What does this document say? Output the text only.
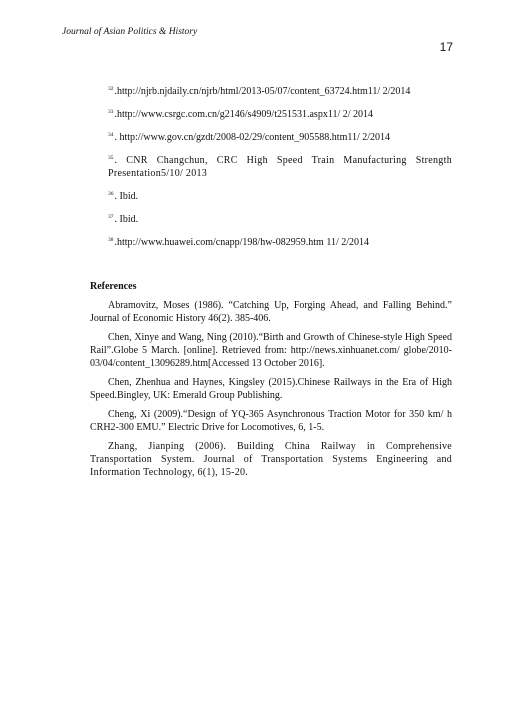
Journal of Asian Politics & History
17
$^{32}$.http://njrb.njdaily.cn/njrb/html/2013-05/07/content_63724.htm11/ 2/2014
$^{33}$.http://www.csrgc.com.cn/g2146/s4909/t251531.aspx11/ 2/ 2014
$^{34}$. http://www.gov.cn/gzdt/2008-02/29/content_905588.htm11/ 2/2014
$^{35}$. CNR Changchun, CRC High Speed Train Manufacturing Strength Presentation5/10/ 2013
$^{36}$. Ibid.
$^{37}$. Ibid.
$^{38}$.http://www.huawei.com/cnapp/198/hw-082959.htm 11/ 2/2014
References

Abramovitz, Moses (1986). “Catching Up, Forging Ahead, and Falling Behind.” Journal of Economic History 46(2). 385-406.

Chen, Xinye and Wang, Ning (2010).“Birth and Growth of Chinese-style High Speed Rail”.Globe 5 March. [online]. Retrieved from: http://news.xinhuanet.com/ globe/2010-03/04/content_13096289.htm[Accessed 13 October 2016].

Chen, Zhenhua and Haynes, Kingsley (2015).Chinese Railways in the Era of High Speed.Bingley, UK: Emerald Group Publishing.

Cheng, Xi (2009).“Design of YQ-365 Asynchronous Traction Motor for 350 km/ h CRH2-300 EMU.” Electric Drive for Locomotives, 6, 1-5.

Zhang, Jianping (2006). Building China Railway in Comprehensive Transportation System. Journal of Transportation Systems Engineering and Information Technology, 6(1), 15-20.
